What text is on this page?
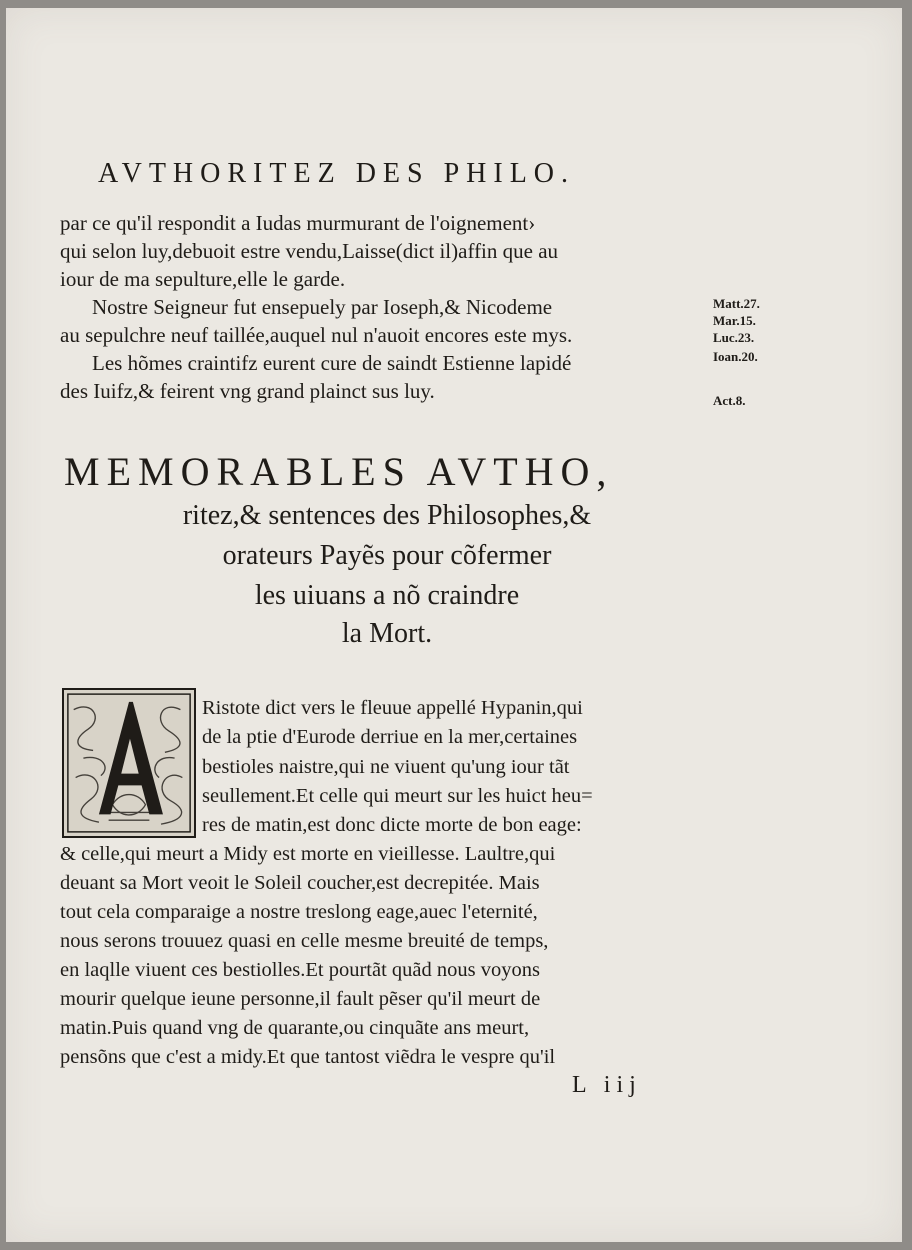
AVTHORITEZ DES PHILO.
par ce qu'il respondit a Iudas murmurant de l'oignement›
qui selon luy,debuoit estre vendu,Laisse(dict il)affin que au
iour de ma sepulture,elle le garde.
Nostre Seigneur fut ensepuely par Ioseph,& Nicodeme
au sepulchre neuf taillée,auquel nul n'auoit encores este mys.
Les hõmes craintifz eurent cure de saindt Estienne lapidé
des Iuifz,& feirent vng grand plainct sus luy.
Matt.27.
Mar.15.
Luc.23.
Ioan.20.
Act.8.
MEMORABLES AVTHO,
ritez,& sentences des Philosophes,&
orateurs Payẽs pour cõfermer
les uiuans a nõ craindre
la Mort.
Ristote dict vers le fleuue appellé Hypanin,qui
de la ptie d'Eurode derriue en la mer,certaines
bestioles naistre,qui ne viuent qu'ung iour tãt
seullement.Et celle qui meurt sur les huict heu=
res de matin,est donc dicte morte de bon eage:
& celle,qui meurt a Midy est morte en vieillesse. Laultre,qui
deuant sa Mort veoit le Soleil coucher,est decrepitée. Mais
tout cela comparaige a nostre treslong eage,auec l'eternité,
nous serons trouuez quasi en celle mesme breuité de temps,
en laqlle viuent ces bestiolles.Et pourtãt quãd nous voyons
mourir quelque ieune personne,il fault pẽser qu'il meurt de
matin.Puis quand vng de quarante,ou cinquãte ans meurt,
pensõns que c'est a midy.Et que tantost viẽdra le vespre qu'il
L iij
